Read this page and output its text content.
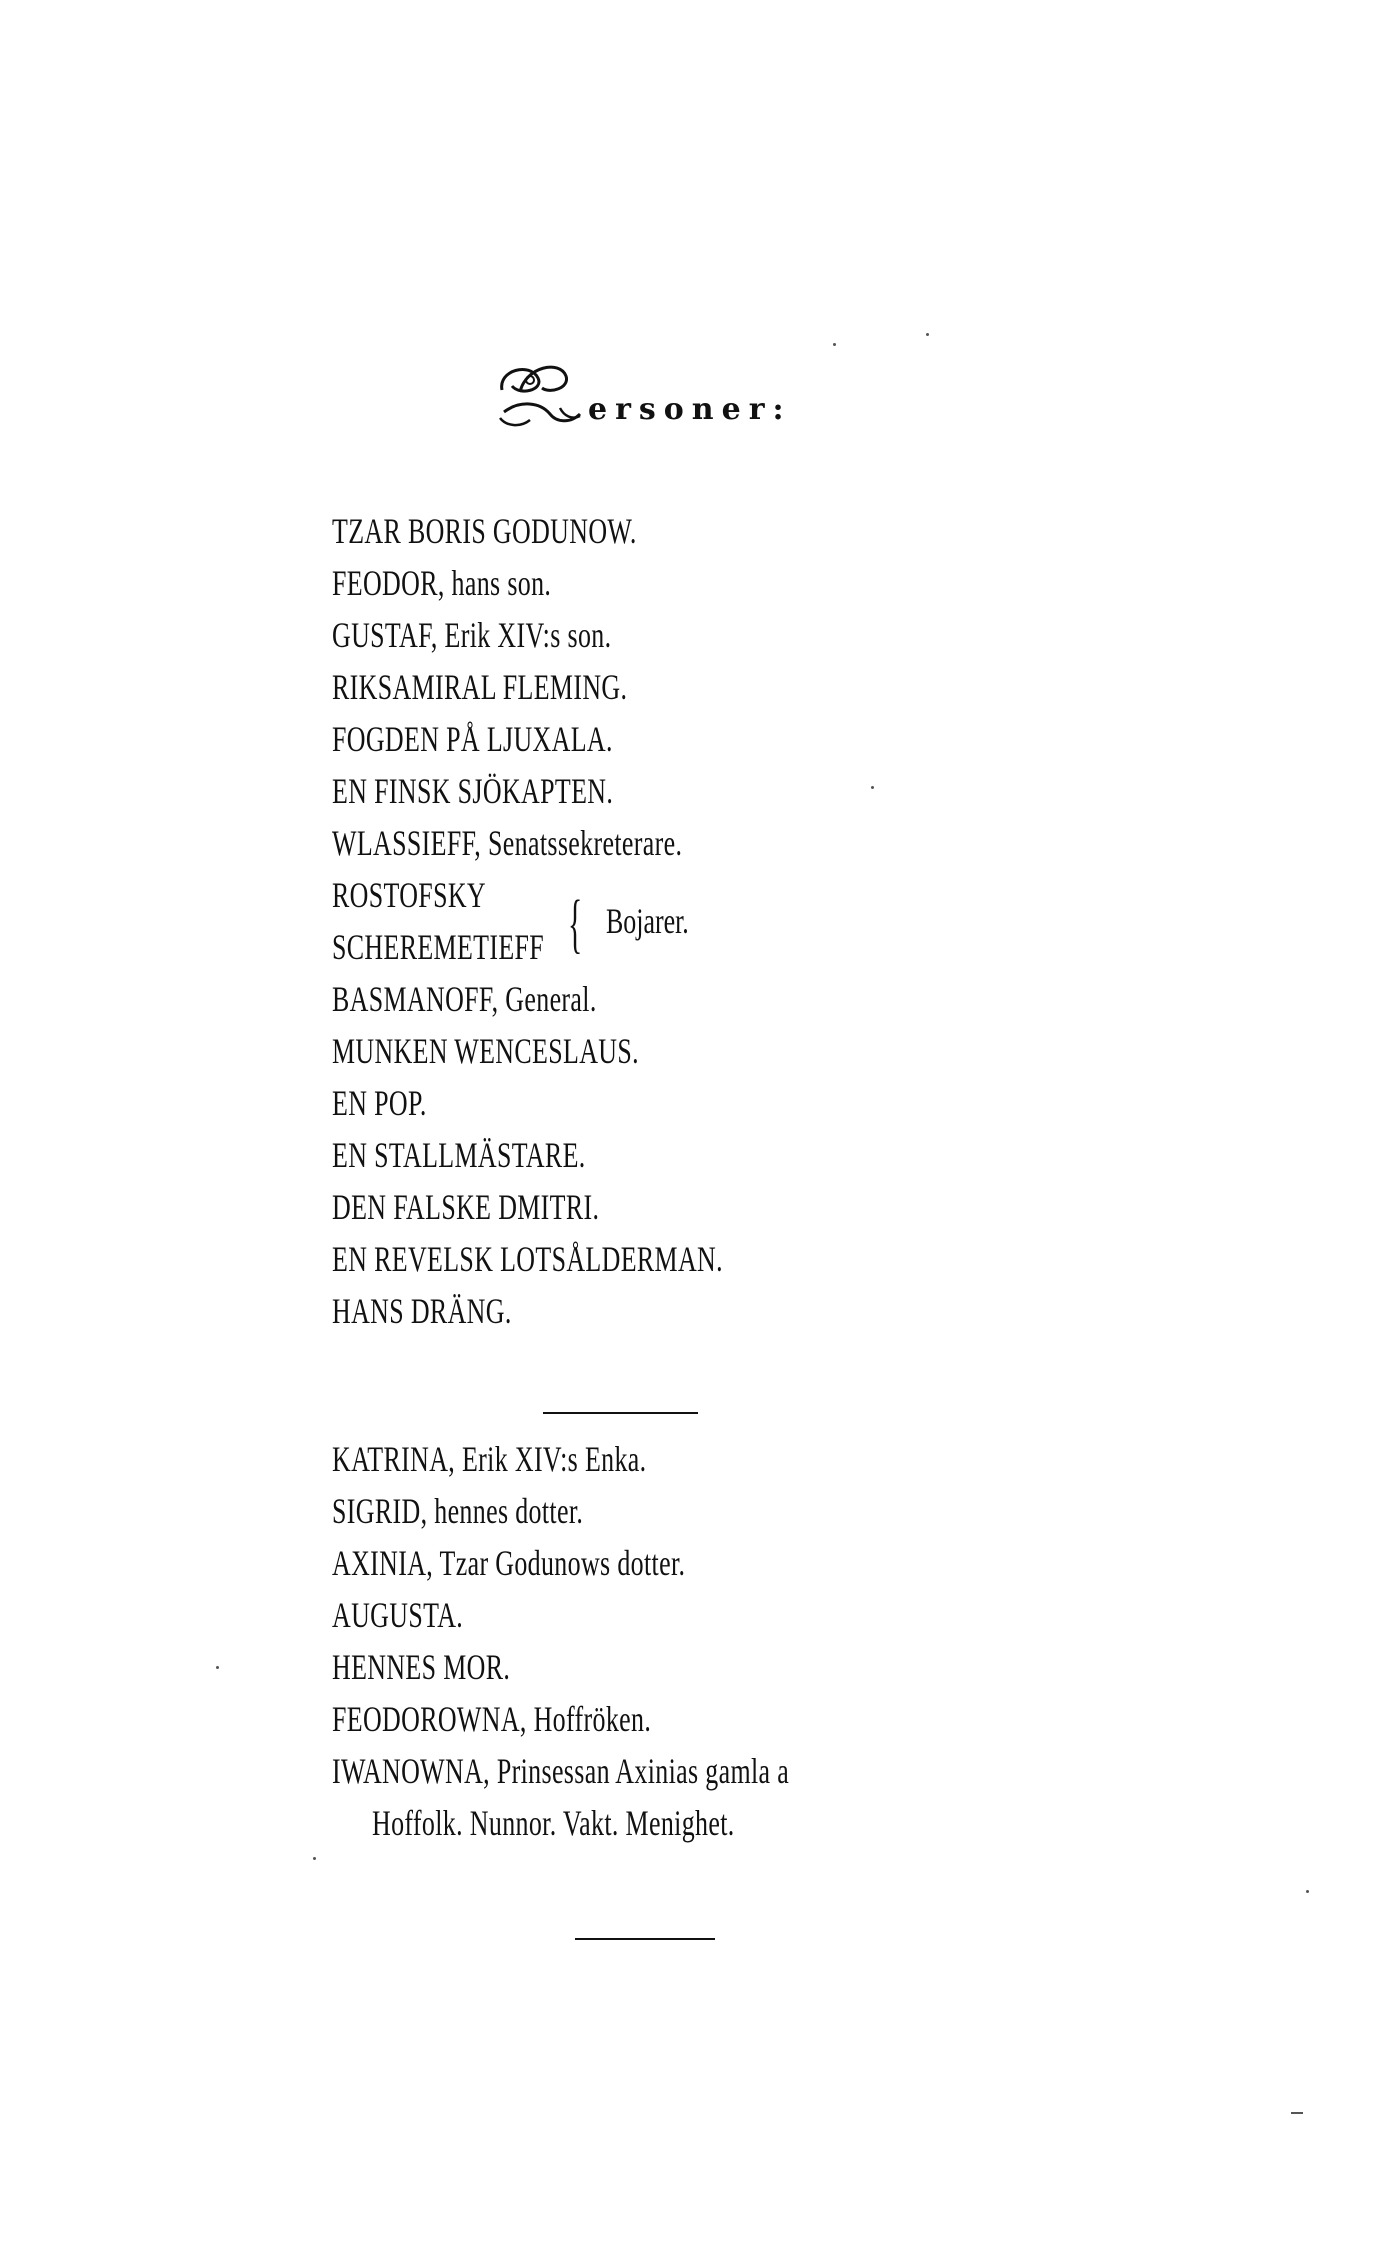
ersoner:
TZAR BORIS GODUNOW.
FEODOR, hans son.
GUSTAF, Erik XIV:s son.
RIKSAMIRAL FLEMING.
FOGDEN PÅ LJUXALA.
EN FINSK SJÖKAPTEN.
WLASSIEFF, Senatssekreterare.
ROSTOFSKY
SCHEREMETIEFF { Bojarer.
BASMANOFF, General.
MUNKEN WENCESLAUS.
EN POP.
EN STALLMÄSTARE.
DEN FALSKE DMITRI.
EN REVELSK LOTSÅLDERMAN.
HANS DRÄNG.
KATRINA, Erik XIV:s Enka.
SIGRID, hennes dotter.
AXINIA, Tzar Godunows dotter.
AUGUSTA.
HENNES MOR.
FEODOROWNA, Hoffröken.
IWANOWNA, Prinsessan Axinias gamla a
Hoffolk. Nunnor. Vakt. Menighet.
